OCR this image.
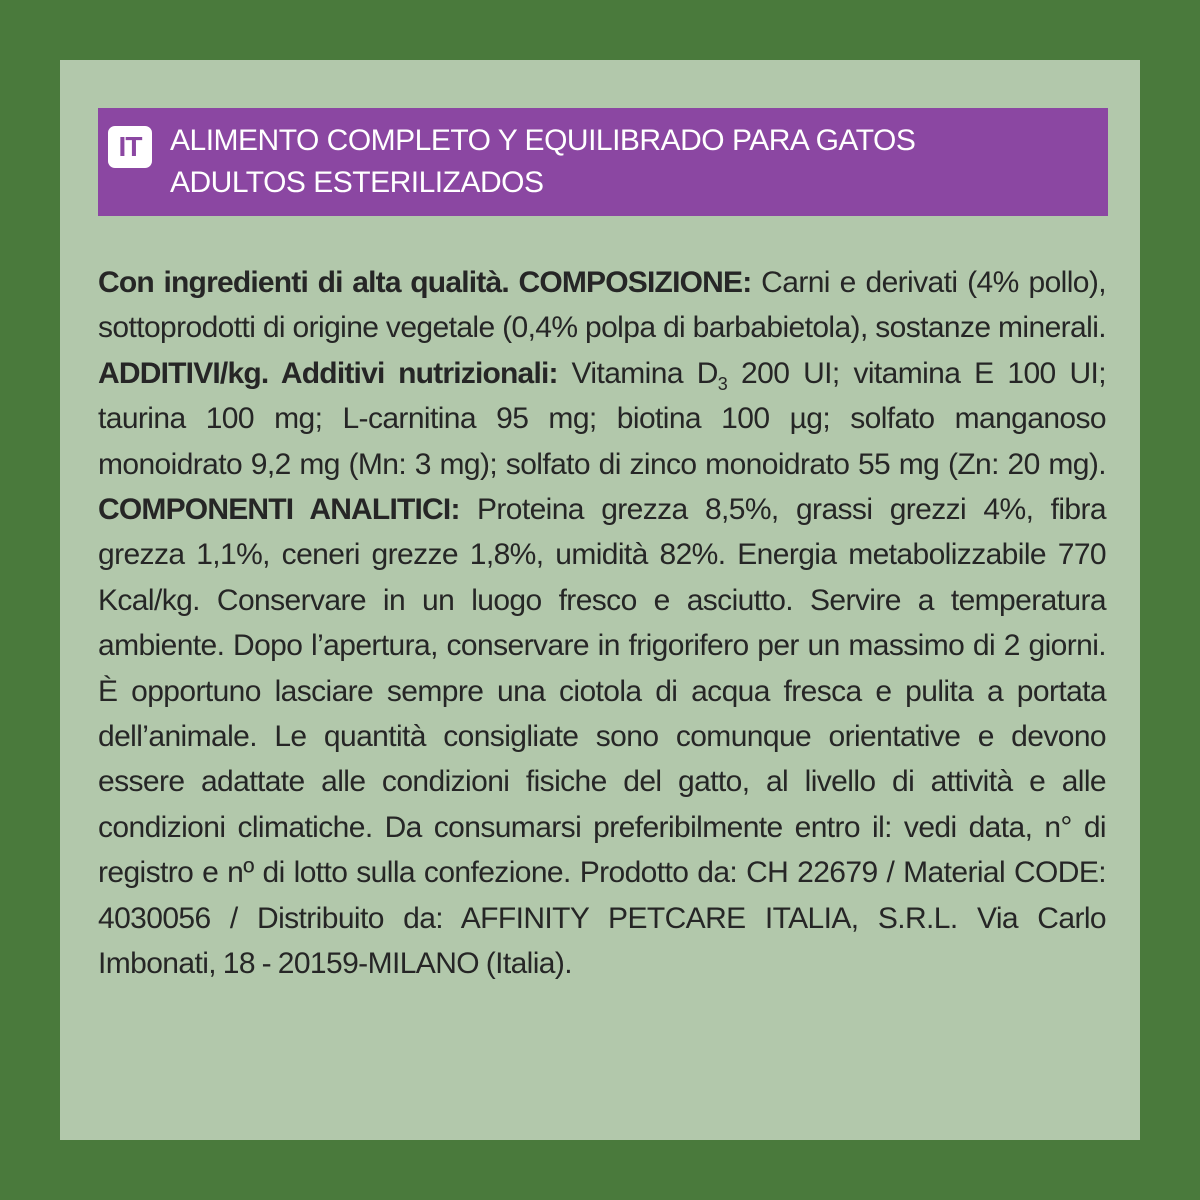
IT ALIMENTO COMPLETO Y EQUILIBRADO PARA GATOS
ADULTOS ESTERILIZADOS
Con ingredienti di alta qualità. COMPOSIZIONE: Carni e derivati (4% pollo), sottoprodotti di origine vegetale (0,4% polpa di barbabietola), sostanze minerali. ADDITIVI/kg. Additivi nutrizionali: Vitamina $D_3$ 200 UI; vitamina E 100 UI; taurina 100 mg; L-carnitina 95 mg; biotina 100 µg; solfato manganoso monoidrato 9,2 mg (Mn: 3 mg); solfato di zinco monoidrato 55 mg (Zn: 20 mg). COMPONENTI ANALITICI: Proteina grezza 8,5%, grassi grezzi 4%, fibra grezza 1,1%, ceneri grezze 1,8%, umidità 82%. Energia metabolizzabile 770 Kcal/kg. Conservare in un luogo fresco e asciutto. Servire a temperatura ambiente. Dopo l’apertura, conservare in frigorifero per un massimo di 2 giorni. È opportuno lasciare sempre una ciotola di acqua fresca e pulita a portata dell’animale. Le quantità consigliate sono comunque orientative e devono essere adattate alle condizioni fisiche del gatto, al livello di attività e alle condizioni climatiche. Da consumarsi preferibilmente entro il: vedi data, n° di registro e nº di lotto sulla confezione. Prodotto da: CH 22679 / Material CODE: 4030056 / Distribuito da: AFFINITY PETCARE ITALIA, S.R.L. Via Carlo Imbonati, 18 - 20159-MILANO (Italia).
